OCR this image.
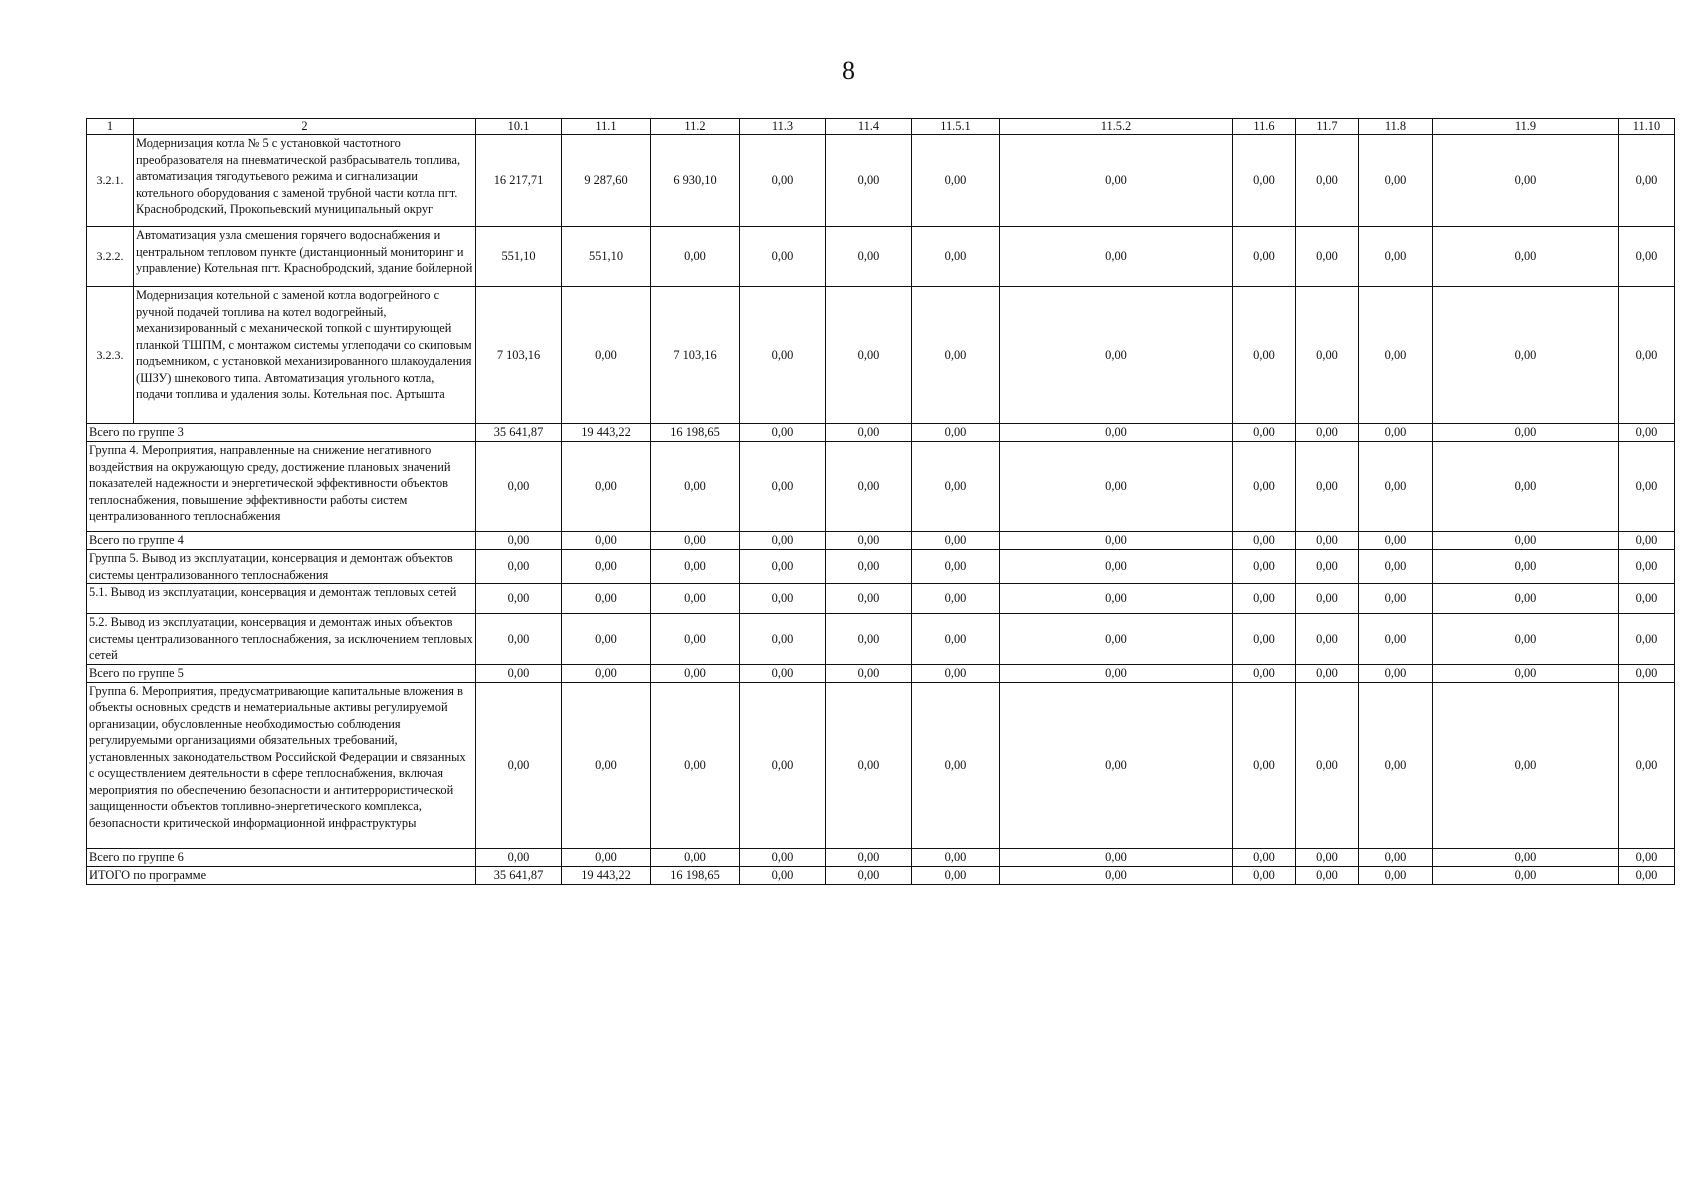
8
1	2	10.1	11.1	11.2	11.3	11.4	11.5.1	11.5.2	11.6	11.7	11.8	11.9	11.10
3.2.1.	Модернизация котла № 5 с установкой частотного преобразователя на пневматической разбрасыватель топлива, автоматизация тягодутьевого режима и сигнализации котельного оборудования с заменой трубной части котла пгт. Краснобродский, Прокопьевский муниципальный округ	16 217,71	9 287,60	6 930,10	0,00	0,00	0,00	0,00	0,00	0,00	0,00	0,00	0,00
3.2.2.	Автоматизация узла смешения горячего водоснабжения и центральном тепловом пункте (дистанционный мониторинг и управление) Котельная пгт. Краснобродский, здание бойлерной	551,10	551,10	0,00	0,00	0,00	0,00	0,00	0,00	0,00	0,00	0,00	0,00
3.2.3.	Модернизация котельной с заменой котла водогрейного с ручной подачей топлива на котел водогрейный, механизированный с механической топкой с шунтирующей планкой ТШПМ, с монтажом системы углеподачи со скиповым подъемником, с установкой механизированного шлакоудаления (ШЗУ) шнекового типа. Автоматизация угольного котла, подачи топлива и удаления золы. Котельная пос. Артышта	7 103,16	0,00	7 103,16	0,00	0,00	0,00	0,00	0,00	0,00	0,00	0,00	0,00
Всего по группе 3		35 641,87	19 443,22	16 198,65	0,00	0,00	0,00	0,00	0,00	0,00	0,00	0,00	0,00
Группа 4. Мероприятия, направленные на снижение негативного воздействия на окружающую среду, достижение плановых значений показателей надежности и энергетической эффективности объектов теплоснабжения, повышение эффективности работы систем централизованного теплоснабжения		0,00	0,00	0,00	0,00	0,00	0,00	0,00	0,00	0,00	0,00	0,00	0,00
Всего по группе 4		0,00	0,00	0,00	0,00	0,00	0,00	0,00	0,00	0,00	0,00	0,00	0,00
Группа 5. Вывод из эксплуатации, консервация и демонтаж объектов системы централизованного теплоснабжения		0,00	0,00	0,00	0,00	0,00	0,00	0,00	0,00	0,00	0,00	0,00	0,00
5.1. Вывод из эксплуатации, консервация и демонтаж тепловых сетей		0,00	0,00	0,00	0,00	0,00	0,00	0,00	0,00	0,00	0,00	0,00	0,00
5.2. Вывод из эксплуатации, консервация и демонтаж иных объектов системы централизованного теплоснабжения, за исключением тепловых сетей		0,00	0,00	0,00	0,00	0,00	0,00	0,00	0,00	0,00	0,00	0,00	0,00
Всего по группе 5		0,00	0,00	0,00	0,00	0,00	0,00	0,00	0,00	0,00	0,00	0,00	0,00
Группа 6. Мероприятия, предусматривающие капитальные вложения в объекты основных средств и нематериальные активы регулируемой организации, обусловленные необходимостью соблюдения регулируемыми организациями обязательных требований, установленных законодательством Российской Федерации и связанных с осуществлением деятельности в сфере теплоснабжения, включая мероприятия по обеспечению безопасности и антитеррористической защищенности объектов топливно-энергетического комплекса, безопасности критической информационной инфраструктуры		0,00	0,00	0,00	0,00	0,00	0,00	0,00	0,00	0,00	0,00	0,00	0,00
Всего по группе 6		0,00	0,00	0,00	0,00	0,00	0,00	0,00	0,00	0,00	0,00	0,00	0,00
ИТОГО по программе		35 641,87	19 443,22	16 198,65	0,00	0,00	0,00	0,00	0,00	0,00	0,00	0,00	0,00
